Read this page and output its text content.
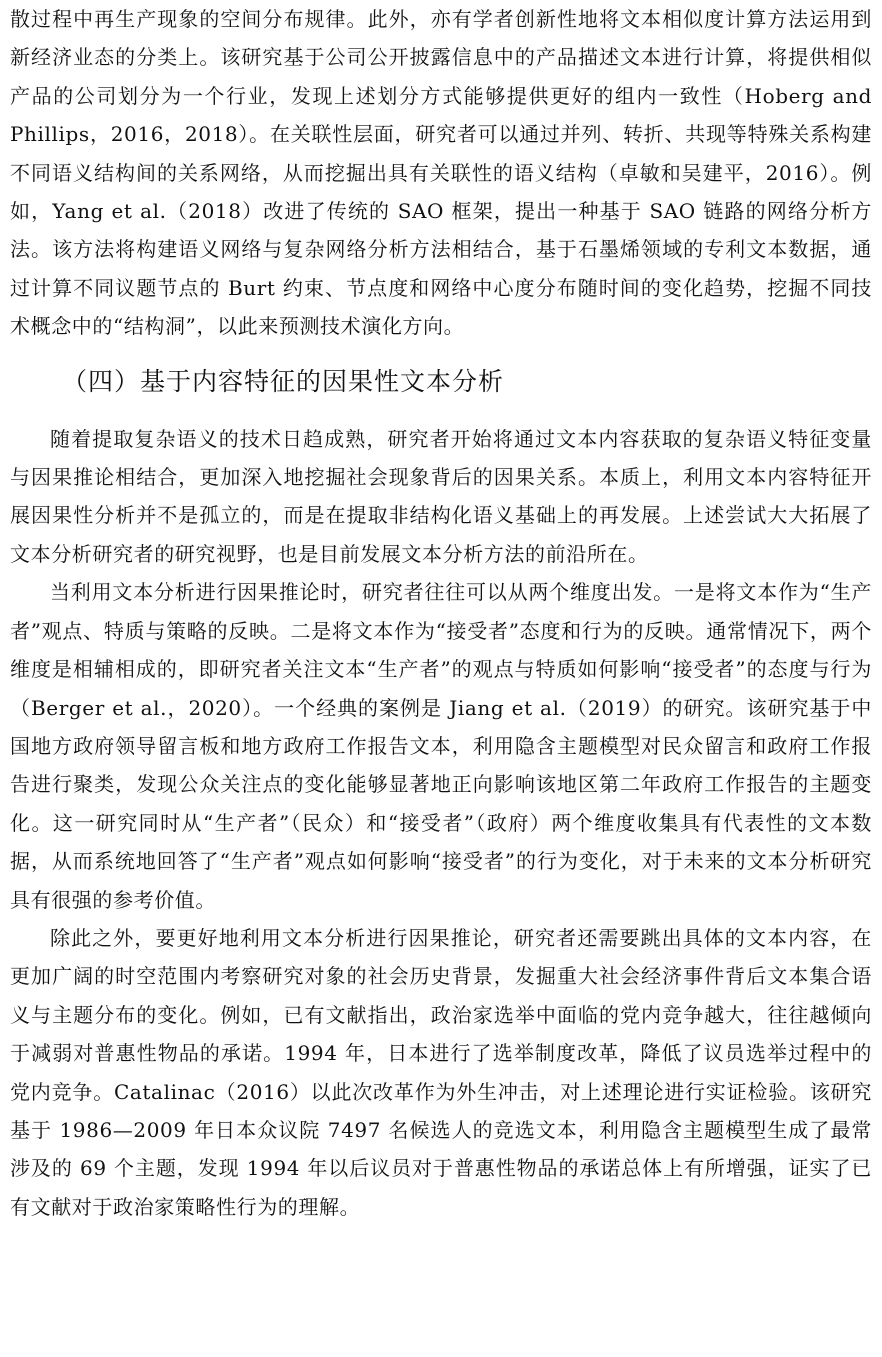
散过程中再生产现象的空间分布规律。此外，亦有学者创新性地将文本相似度计算方法运用到新经济业态的分类上。该研究基于公司公开披露信息中的产品描述文本进行计算，将提供相似产品的公司划分为一个行业，发现上述划分方式能够提供更好的组内一致性（Hoberg and Phillips，2016，2018）。在关联性层面，研究者可以通过并列、转折、共现等特殊关系构建不同语义结构间的关系网络，从而挖掘出具有关联性的语义结构（卓敏和吴建平，2016）。例如，Yang et al.（2018）改进了传统的 SAO 框架，提出一种基于 SAO 链路的网络分析方法。该方法将构建语义网络与复杂网络分析方法相结合，基于石墨烯领域的专利文本数据，通过计算不同议题节点的 Burt 约束、节点度和网络中心度分布随时间的变化趋势，挖掘不同技术概念中的“结构洞”，以此来预测技术演化方向。

（四）基于内容特征的因果性文本分析

随着提取复杂语义的技术日趋成熟，研究者开始将通过文本内容获取的复杂语义特征变量与因果推论相结合，更加深入地挖掘社会现象背后的因果关系。本质上，利用文本内容特征开展因果性分析并不是孤立的，而是在提取非结构化语义基础上的再发展。上述尝试大大拓展了文本分析研究者的研究视野，也是目前发展文本分析方法的前沿所在。

当利用文本分析进行因果推论时，研究者往往可以从两个维度出发。一是将文本作为“生产者”观点、特质与策略的反映。二是将文本作为“接受者”态度和行为的反映。通常情况下，两个维度是相辅相成的，即研究者关注文本“生产者”的观点与特质如何影响“接受者”的态度与行为（Berger et al.，2020）。一个经典的案例是 Jiang et al.（2019）的研究。该研究基于中国地方政府领导留言板和地方政府工作报告文本，利用隐含主题模型对民众留言和政府工作报告进行聚类，发现公众关注点的变化能够显著地正向影响该地区第二年政府工作报告的主题变化。这一研究同时从“生产者”（民众）和“接受者”（政府）两个维度收集具有代表性的文本数据，从而系统地回答了“生产者”观点如何影响“接受者”的行为变化，对于未来的文本分析研究具有很强的参考价值。

除此之外，要更好地利用文本分析进行因果推论，研究者还需要跳出具体的文本内容，在更加广阔的时空范围内考察研究对象的社会历史背景，发掘重大社会经济事件背后文本集合语义与主题分布的变化。例如，已有文献指出，政治家选举中面临的党内竞争越大，往往越倾向于减弱对普惠性物品的承诺。1994 年，日本进行了选举制度改革，降低了议员选举过程中的党内竞争。Catalinac（2016）以此次改革作为外生冲击，对上述理论进行实证检验。该研究基于 1986—2009 年日本众议院 7497 名候选人的竞选文本，利用隐含主题模型生成了最常涉及的 69 个主题，发现 1994 年以后议员对于普惠性物品的承诺总体上有所增强，证实了已有文献对于政治家策略性行为的理解。
